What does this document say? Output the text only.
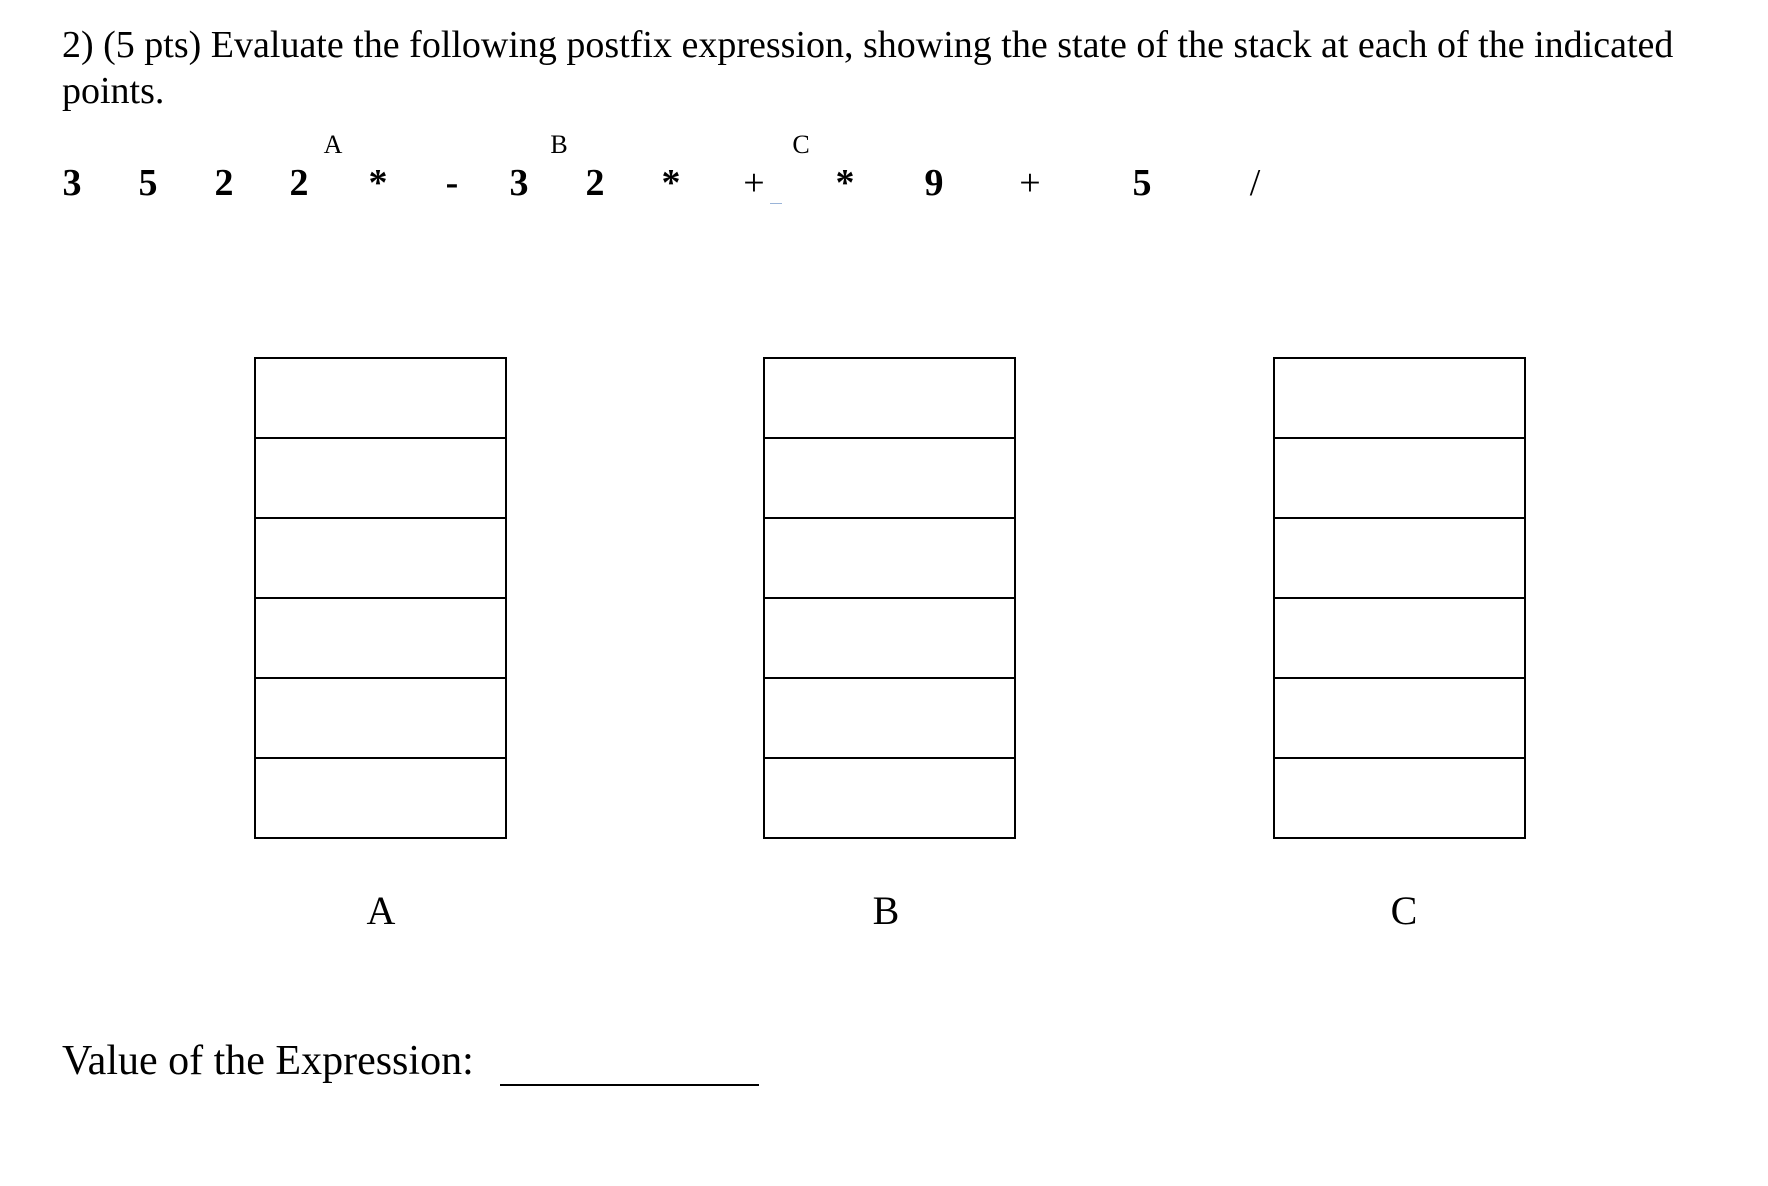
2) (5 pts) Evaluate the following postfix expression, showing the state of the stack at each of the indicated points.

A	B	C
3 5 2 2 * - 3 2 * + * 9 + 5	/
A	B	C
Value of the Expression:
